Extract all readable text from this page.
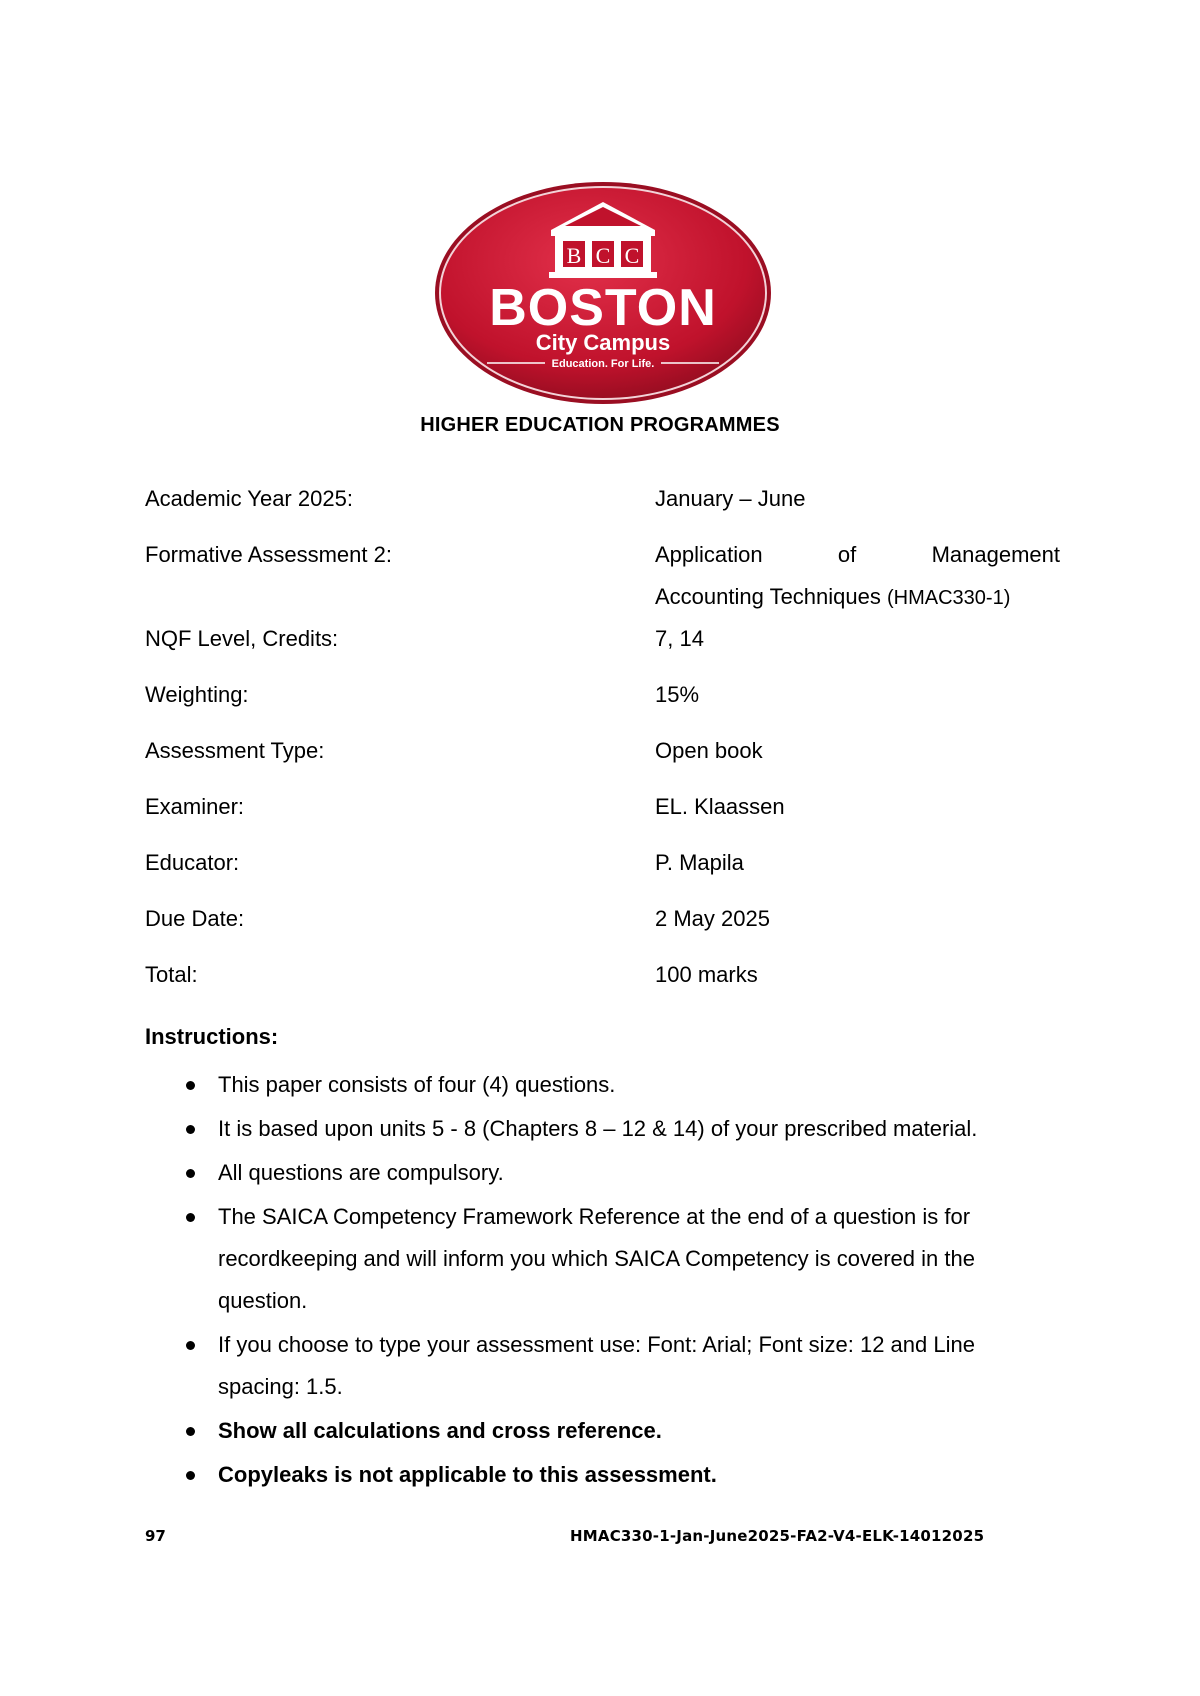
B C C
BOSTON
City Campus
Education. For Life.
HIGHER EDUCATION PROGRAMMES
Academic Year 2025:	January – June
Formative Assessment 2:	Application	of	Management
Accounting Techniques (HMAC330-1)
NQF Level, Credits:	7, 14
Weighting:	15%
Assessment Type:	Open book
Examiner:	EL. Klaassen
Educator:	P. Mapila
Due Date:	2 May 2025
Total:	100 marks
Instructions:
This paper consists of four (4) questions.
It is based upon units 5 - 8 (Chapters 8 – 12 & 14) of your prescribed material.
All questions are compulsory.
The SAICA Competency Framework Reference at the end of a question is for recordkeeping and will inform you which SAICA Competency is covered in the question.
If you choose to type your assessment use: Font: Arial; Font size: 12 and Line spacing: 1.5.
Show all calculations and cross reference.
Copyleaks is not applicable to this assessment.
97	HMAC330-1-Jan-June2025-FA2-V4-ELK-14012025
